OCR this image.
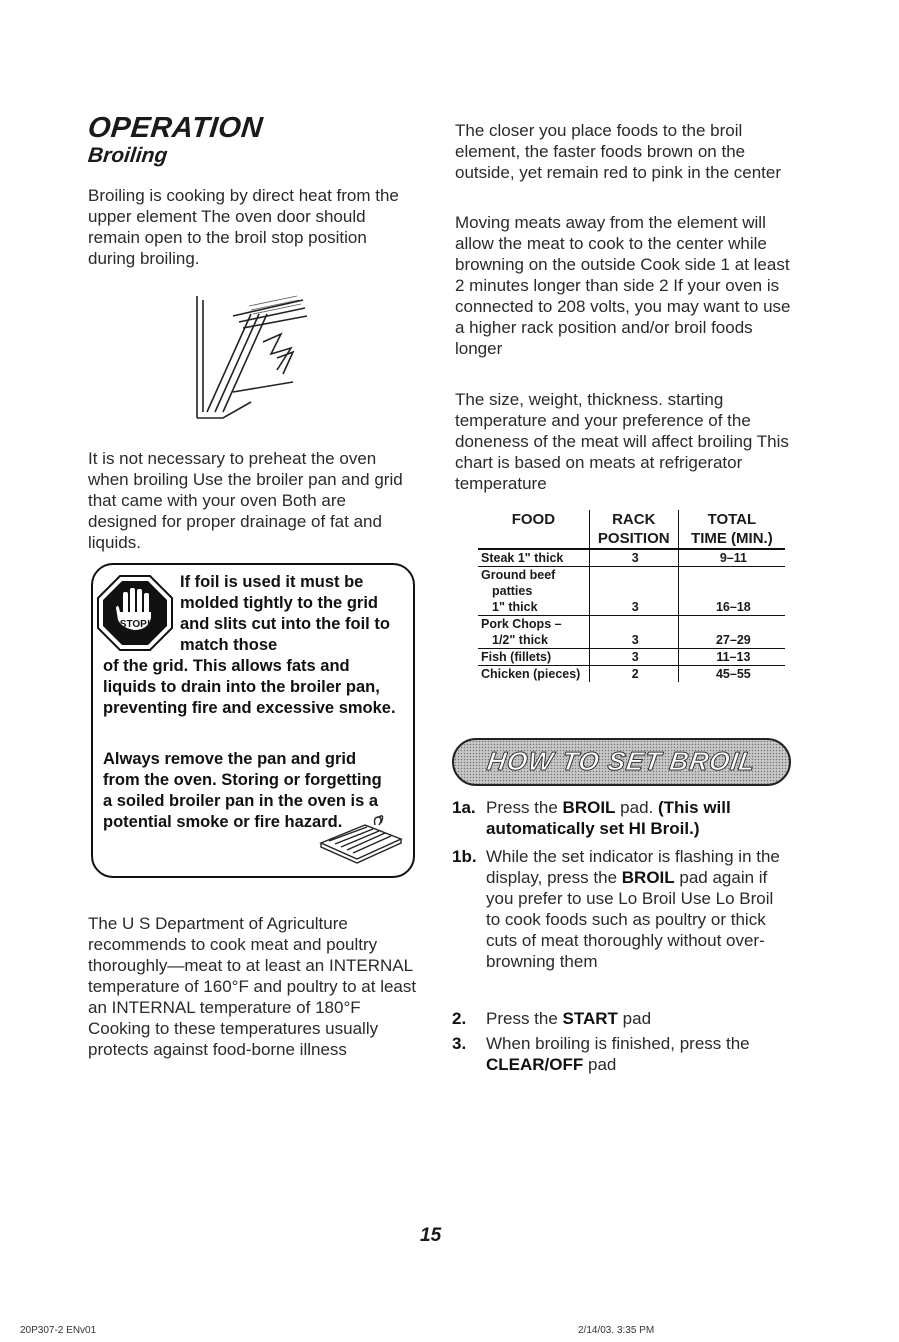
OPERATION
Broiling

Broiling is cooking by direct heat from the upper element The oven door should remain open to the broil stop position during broiling.

It is not necessary to preheat the oven when broiling Use the broiler pan and grid that came with your oven Both are designed for proper drainage of fat and liquids.

STOP!

If foil is used it must be molded tightly to the grid and slits cut into the foil to match those

of the grid. This allows fats and liquids to drain into the broiler pan, preventing fire and excessive smoke.

Always remove the pan and grid from the oven. Storing or forgetting a soiled broiler pan in the oven is a potential smoke or fire hazard.

The U S Department of Agriculture recommends to cook meat and poultry thoroughly—meat to at least an INTERNAL temperature of 160°F and poultry to at least an INTERNAL temperature of 180°F Cooking to these temperatures usually protects against food-borne illness

The closer you place foods to the broil element, the faster foods brown on the outside, yet remain red to pink in the center

Moving meats away from the element will allow the meat to cook to the center while browning on the outside Cook side 1 at least 2 minutes longer than side 2 If your oven is connected to 208 volts, you may want to use a higher rack position and/or broil foods longer

The size, weight, thickness. starting temperature and your preference of the doneness of the meat will affect broiling This chart is based on meats at refrigerator temperature

FOOD	RACK	TOTAL
	POSITION	TIME (MIN.)
Steak 1" thick	3	9–11
Ground beef		
patties		
1" thick	3	16–18
Pork Chops –		
1/2" thick	3	27–29
Fish (fillets)	3	11–13
Chicken (pieces)	2	45–55
HOW TO SET BROIL

1a. Press the BROIL pad. (This will automatically set HI Broil.)

1b. While the set indicator is flashing in the display, press the BROIL pad again if you prefer to use Lo Broil Use Lo Broil to cook foods such as poultry or thick cuts of meat thoroughly without over-browning them

2. Press the START pad

3. When broiling is finished, press the CLEAR/OFF pad

15
20P307-2 ENv01	2/14/03. 3:35 PM
